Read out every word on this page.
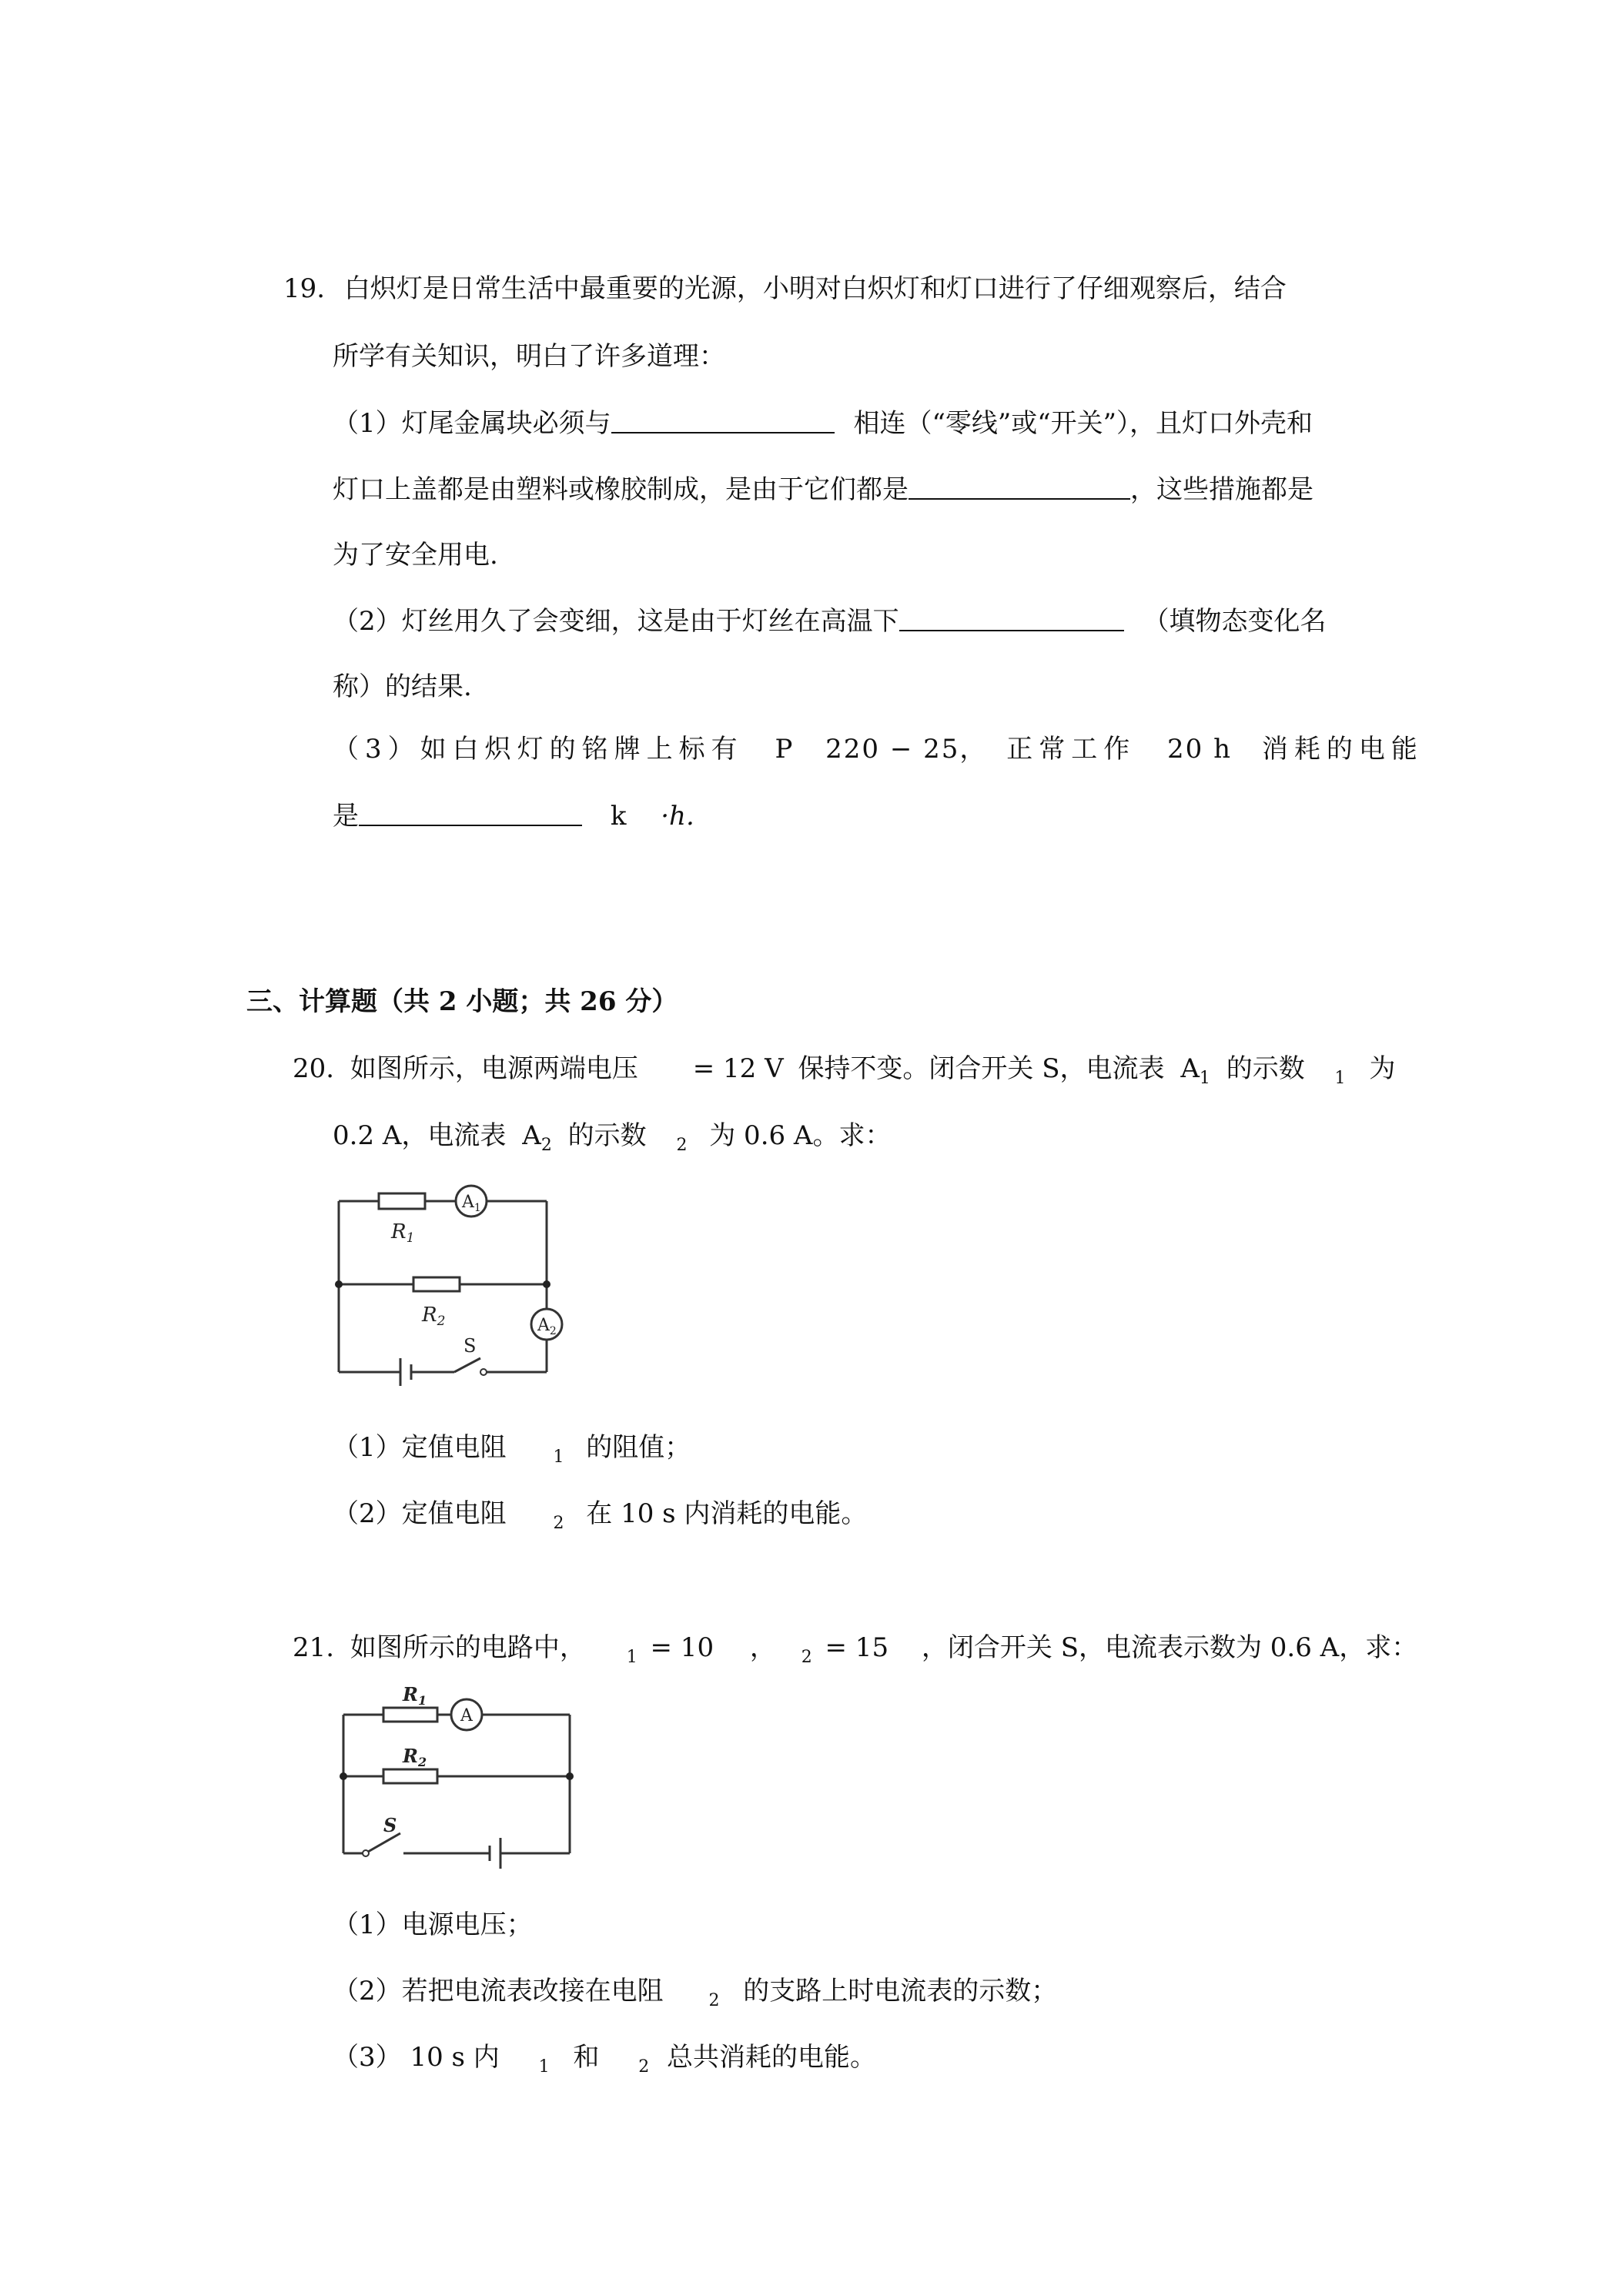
19. 白炽灯是日常生活中最重要的光源，小明对白炽灯和灯口进行了仔细观察后，结合
所学有关知识，明白了许多道理：
（1）灯尾金属块必须与	相连（“零线”或“开关”），且灯口外壳和
灯口上盖都是由塑料或橡胶制成，是由于它们都是	，这些措施都是
为了安全用电.
（2）灯丝用久了会变细，这是由于灯丝在高温下	（填物态变化名
称）的结果.
（3）如白炽灯的铭牌上标有 P 220 − 25， 正常工作 20 h 消耗的电能
是	k ·h.
三、计算题（共 2 小题；共 26 分）
20. 如图所示，电源两端电压 = 12 V 保持不变。闭合开关 S，电流表 $A_1$ 的示数 $_1$ 为
0.2 A，电流表 $A_2$ 的示数 $_2$ 为 0.6 A。求：
R1
$A_1$
R2	$A_2$
S
（1）定值电阻	$_1$ 的阻值；
（2）定值电阻	$_2$ 在 10 s 内消耗的电能。
21. 如图所示的电路中， $_1$ = 10 ， $_2$ = 15 ，闭合开关 S，电流表示数为 0.6 A，求：
$R_1$
A
$R_2$
S
（1）电源电压；
（2）若把电流表改接在电阻	$_2$ 的支路上时电流表的示数；
（3） 10 s 内 $_1$ 和 $_2$ 总共消耗的电能。
